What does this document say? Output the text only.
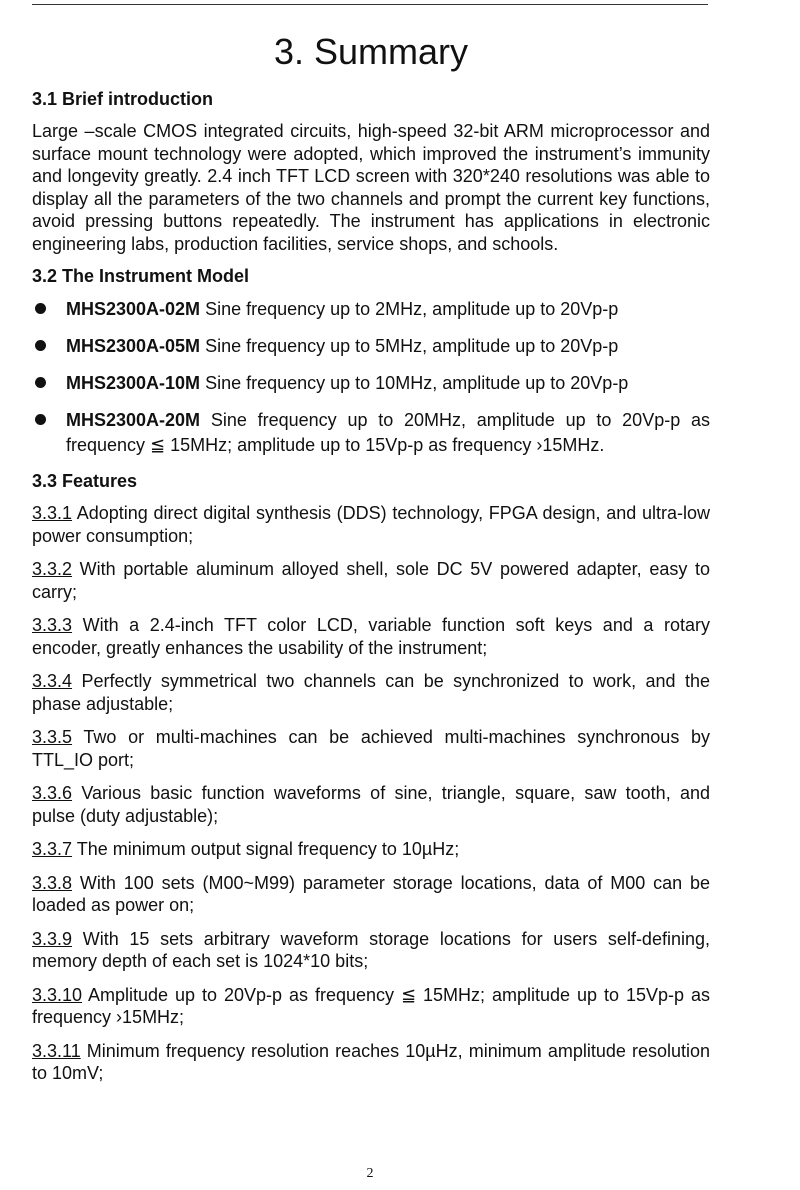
3. Summary
3.1 Brief introduction

Large –scale CMOS integrated circuits, high-speed 32-bit ARM microprocessor and surface mount technology were adopted, which improved the instrument’s immunity and longevity greatly. 2.4 inch TFT LCD screen with 320*240 resolutions was able to display all the parameters of the two channels and prompt the current key functions, avoid pressing buttons repeatedly. The instrument has applications in electronic engineering labs, production facilities, service shops, and schools.

3.2 The Instrument Model
MHS2300A-02M Sine frequency up to 2MHz, amplitude up to 20Vp-p
MHS2300A-05M Sine frequency up to 5MHz, amplitude up to 20Vp-p
MHS2300A-10M Sine frequency up to 10MHz, amplitude up to 20Vp-p
MHS2300A-20M Sine frequency up to 20MHz, amplitude up to 20Vp-p as frequency ≦ 15MHz; amplitude up to 15Vp-p as frequency ›15MHz.
3.3 Features
3.3.1 Adopting direct digital synthesis (DDS) technology, FPGA design, and ultra-low power consumption;
3.3.2 With portable aluminum alloyed shell, sole DC 5V powered adapter, easy to carry;
3.3.3 With a 2.4-inch TFT color LCD, variable function soft keys and a rotary encoder, greatly enhances the usability of the instrument;
3.3.4 Perfectly symmetrical two channels can be synchronized to work, and the phase adjustable;
3.3.5 Two or multi-machines can be achieved multi-machines synchronous by TTL_IO port;
3.3.6 Various basic function waveforms of sine, triangle, square, saw tooth, and pulse (duty adjustable);
3.3.7 The minimum output signal frequency to 10µHz;
3.3.8 With 100 sets (M00~M99) parameter storage locations, data of M00 can be loaded as power on;
3.3.9 With 15 sets arbitrary waveform storage locations for users self-defining, memory depth of each set is 1024*10 bits;
3.3.10 Amplitude up to 20Vp-p as frequency ≦ 15MHz; amplitude up to 15Vp-p as frequency ›15MHz;
3.3.11 Minimum frequency resolution reaches 10µHz, minimum amplitude resolution to 10mV;
2
